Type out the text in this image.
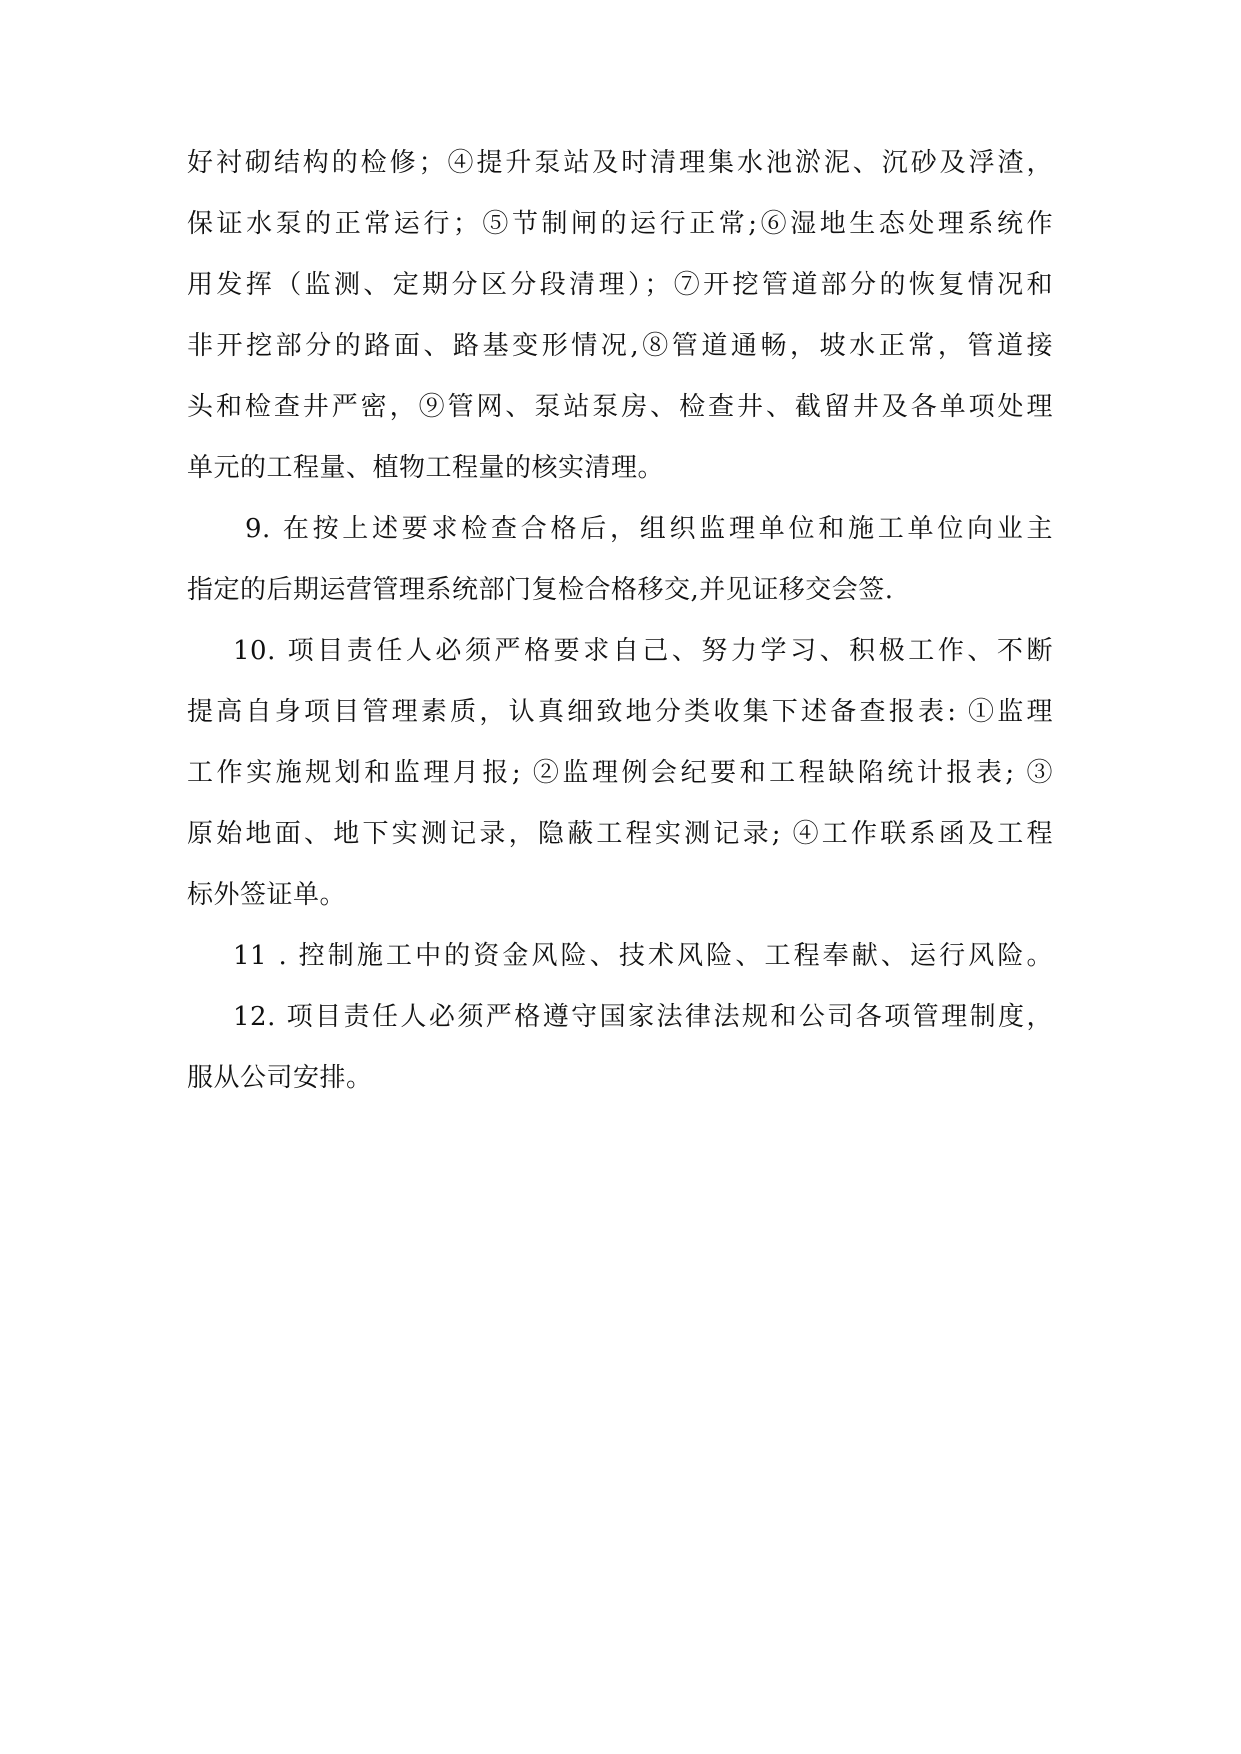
好衬砌结构的检修；④提升泵站及时清理集水池淤泥、沉砂及浮渣，
保证水泵的正常运行；⑤节制闸的运行正常;⑥湿地生态处理系统作
用发挥（监测、定期分区分段清理）；⑦开挖管道部分的恢复情况和
非开挖部分的路面、路基变形情况,⑧管道通畅，坡水正常，管道接
头和检查井严密，⑨管网、泵站泵房、检查井、截留井及各单项处理
单元的工程量、植物工程量的核实清理。
9. 在按上述要求检查合格后，组织监理单位和施工单位向业主
指定的后期运营管理系统部门复检合格移交,并见证移交会签.
10. 项目责任人必须严格要求自己、努力学习、积极工作、不断
提高自身项目管理素质，认真细致地分类收集下述备查报表: ①监理
工作实施规划和监理月报; ②监理例会纪要和工程缺陷统计报表; ③
原始地面、地下实测记录，隐蔽工程实测记录; ④工作联系函及工程
标外签证单。
11 . 控制施工中的资金风险、技术风险、工程奉献、运行风险。
12. 项目责任人必须严格遵守国家法律法规和公司各项管理制度，
服从公司安排。
